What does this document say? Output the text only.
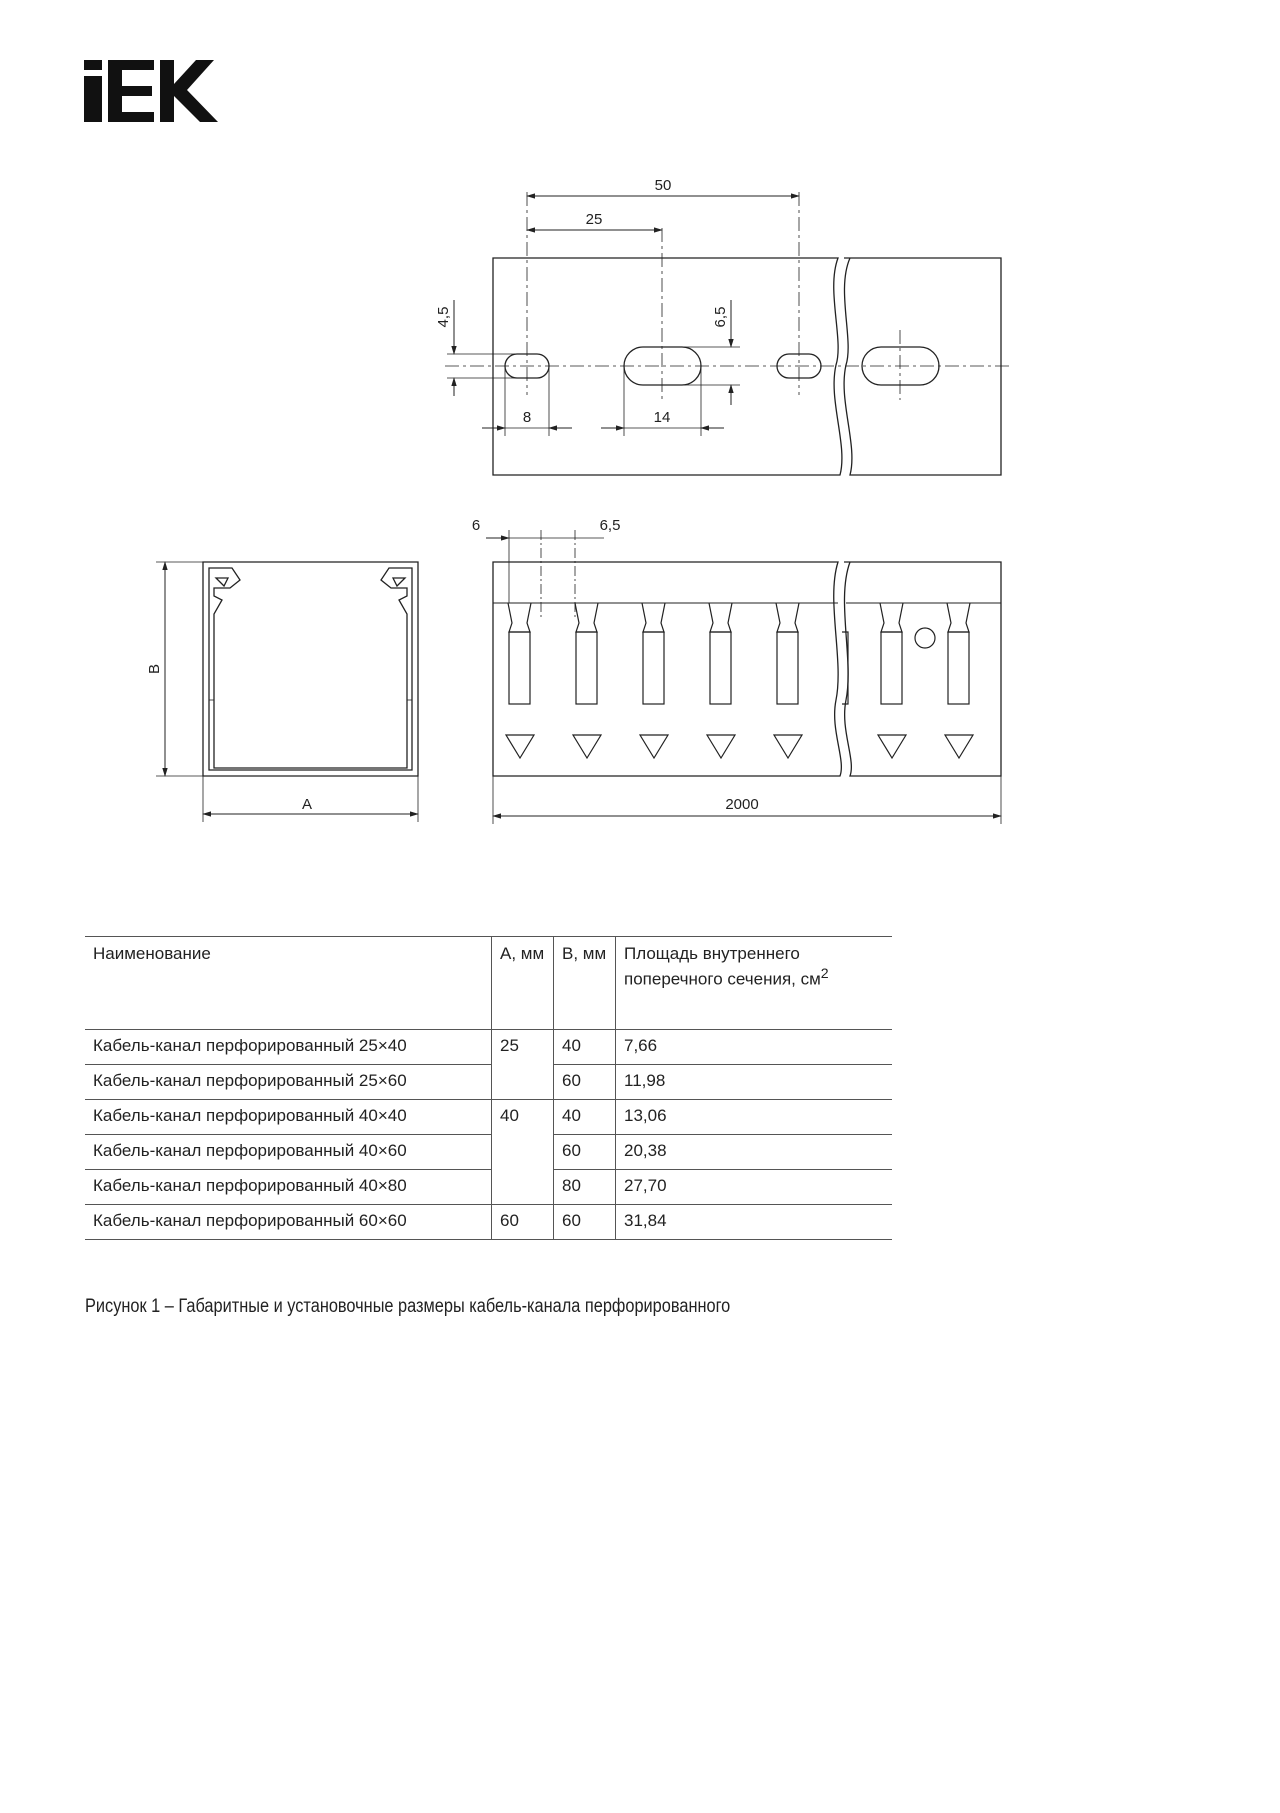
50
25
4,5	6,5
8	14
A
B
6	6,5
2000
Наименование	A, мм	B, мм	Площадь внутреннего поперечного сечения, $см^2$
Кабель-канал перфорированный 25×40	25	40	7,66
Кабель-канал перфорированный 25×60		60	11,98
Кабель-канал перфорированный 40×40	40	40	13,06
Кабель-канал перфорированный 40×60		60	20,38
Кабель-канал перфорированный 40×80		80	27,70
Кабель-канал перфорированный 60×60	60	60	31,84
Рисунок 1 – Габаритные и установочные размеры кабель-канала перфорированного
